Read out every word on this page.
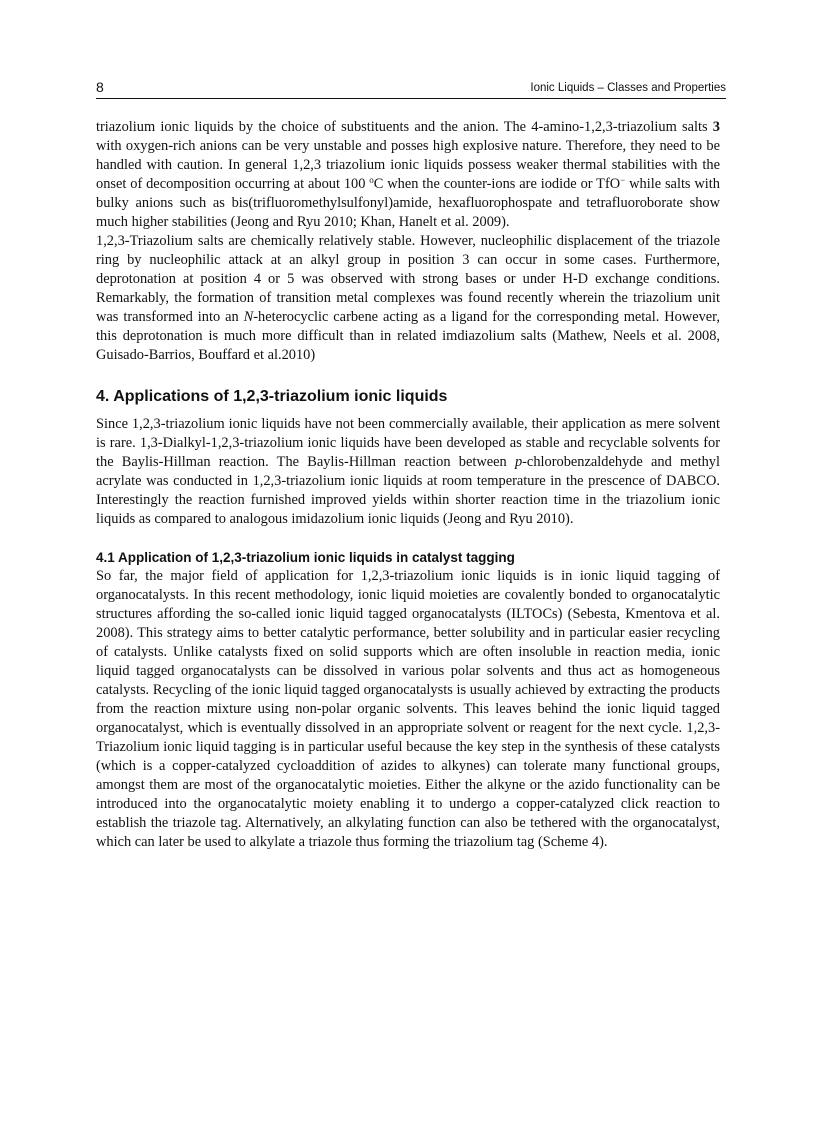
8	Ionic Liquids – Classes and Properties

triazolium ionic liquids by the choice of substituents and the anion. The 4-amino-1,2,3-triazolium salts 3 with oxygen-rich anions can be very unstable and posses high explosive nature. Therefore, they need to be handled with caution. In general 1,2,3 triazolium ionic liquids possess weaker thermal stabilities with the onset of decomposition occurring at about 100 $^o$C when the counter-ions are iodide or TfO− while salts with bulky anions such as bis(trifluoromethylsulfonyl)amide, hexafluorophospate and tetrafluoroborate show much higher stabilities (Jeong and Ryu 2010; Khan, Hanelt et al. 2009).

1,2,3-Triazolium salts are chemically relatively stable. However, nucleophilic displacement of the triazole ring by nucleophilic attack at an alkyl group in position 3 can occur in some cases. Furthermore, deprotonation at position 4 or 5 was observed with strong bases or under H-D exchange conditions. Remarkably, the formation of transition metal complexes was found recently wherein the triazolium unit was transformed into an N-heterocyclic carbene acting as a ligand for the corresponding metal. However, this deprotonation is much more difficult than in related imdiazolium salts (Mathew, Neels et al. 2008, Guisado-Barrios, Bouffard et al.2010)

4. Applications of 1,2,3-triazolium ionic liquids

Since 1,2,3-triazolium ionic liquids have not been commercially available, their application as mere solvent is rare. 1,3-Dialkyl-1,2,3-triazolium ionic liquids have been developed as stable and recyclable solvents for the Baylis-Hillman reaction. The Baylis-Hillman reaction between p-chlorobenzaldehyde and methyl acrylate was conducted in 1,2,3-triazolium ionic liquids at room temperature in the prescence of DABCO. Interestingly the reaction furnished improved yields within shorter reaction time in the triazolium ionic liquids as compared to analogous imidazolium ionic liquids (Jeong and Ryu 2010).

4.1 Application of 1,2,3-triazolium ionic liquids in catalyst tagging

So far, the major field of application for 1,2,3-triazolium ionic liquids is in ionic liquid tagging of organocatalysts. In this recent methodology, ionic liquid moieties are covalently bonded to organocatalytic structures affording the so-called ionic liquid tagged organocatalysts (ILTOCs) (Sebesta, Kmentova et al. 2008). This strategy aims to better catalytic performance, better solubility and in particular easier recycling of catalysts. Unlike catalysts fixed on solid supports which are often insoluble in reaction media, ionic liquid tagged organocatalysts can be dissolved in various polar solvents and thus act as homogeneous catalysts. Recycling of the ionic liquid tagged organocatalysts is usually achieved by extracting the products from the reaction mixture using non-polar organic solvents. This leaves behind the ionic liquid tagged organocatalyst, which is eventually dissolved in an appropriate solvent or reagent for the next cycle. 1,2,3-Triazolium ionic liquid tagging is in particular useful because the key step in the synthesis of these catalysts (which is a copper-catalyzed cycloaddition of azides to alkynes) can tolerate many functional groups, amongst them are most of the organocatalytic moieties. Either the alkyne or the azido functionality can be introduced into the organocatalytic moiety enabling it to undergo a copper-catalyzed click reaction to establish the triazole tag. Alternatively, an alkylating function can also be tethered with the organocatalyst, which can later be used to alkylate a triazole thus forming the triazolium tag (Scheme 4).
